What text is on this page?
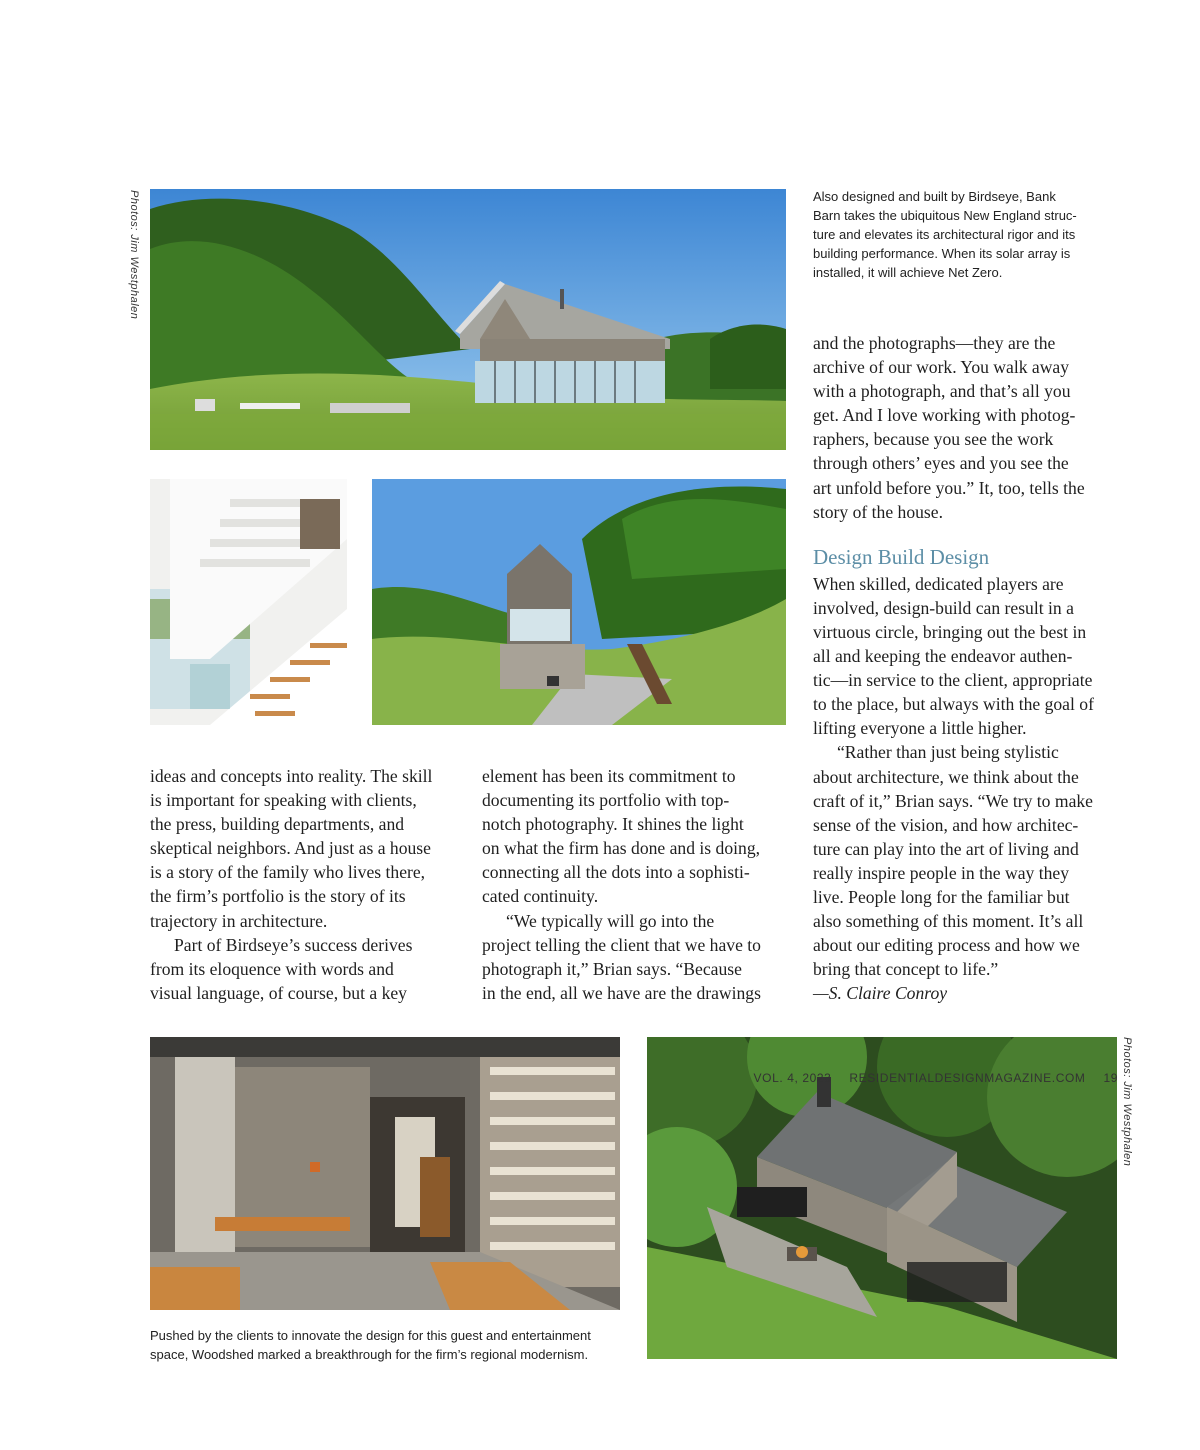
Photos: Jim Westphalen
Photos: Jim Westphalen
Also designed and built by Birdseye, Bank
Barn takes the ubiquitous New England struc-
ture and elevates its architectural rigor and its
building performance. When its solar array is
installed, it will achieve Net Zero.
Pushed by the clients to innovate the design for this guest and entertainment
space, Woodshed marked a breakthrough for the firm’s regional modernism.

ideas and concepts into reality. The skill
is important for speaking with clients,
the press, building departments, and
skeptical neighbors. And just as a house
is a story of the family who lives there,
the firm’s portfolio is the story of its
trajectory in architecture.

Part of Birdseye’s success derives
from its eloquence with words and
visual language, of course, but a key

element has been its commitment to
documenting its portfolio with top-
notch photography. It shines the light
on what the firm has done and is doing,
connecting all the dots into a sophisti-
cated continuity.

“We typically will go into the
project telling the client that we have to
photograph it,” Brian says. “Because
in the end, all we have are the drawings

and the photographs—they are the
archive of our work. You walk away
with a photograph, and that’s all you
get. And I love working with photog-
raphers, because you see the work
through others’ eyes and you see the
art unfold before you.” It, too, tells the
story of the house.

Design Build Design

When skilled, dedicated players are
involved, design-build can result in a
virtuous circle, bringing out the best in
all and keeping the endeavor authen-
tic—in service to the client, appropriate
to the place, but always with the goal of
lifting everyone a little higher.

“Rather than just being stylistic
about architecture, we think about the
craft of it,” Brian says. “We try to make
sense of the vision, and how architec-
ture can play into the art of living and
really inspire people in the way they
live. People long for the familiar but
also something of this moment. It’s all
about our editing process and how we
bring that concept to life.”

—S. Claire Conroy

VOL. 4, 2023 RESIDENTIALDESIGNMAGAZINE.COM 19
